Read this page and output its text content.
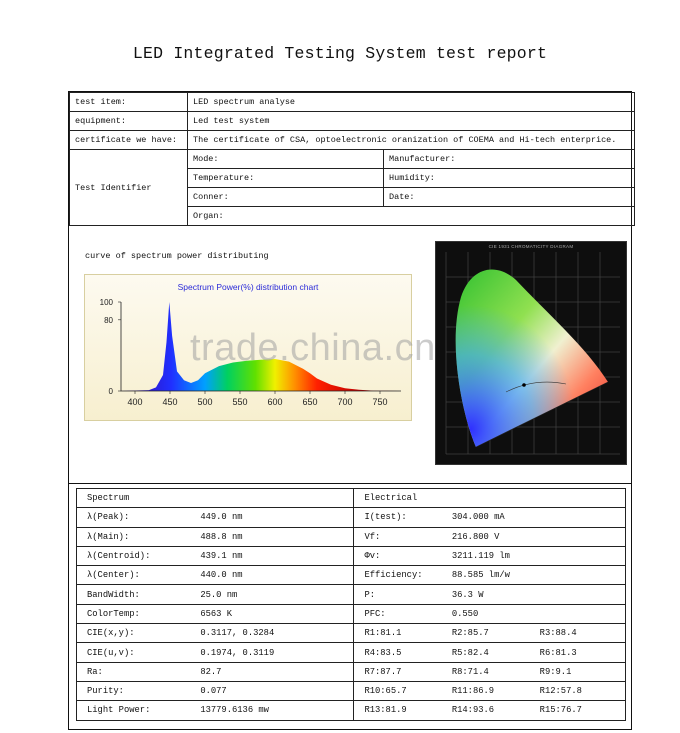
LED Integrated Testing System test report
test item:	LED spectrum analyse	
equipment:	Led test system	
certificate we have:	The certificate of CSA, optoelectronic oranization of COEMA and Hi-tech enterprice.	
Test Identifier	Mode:	Manufacturer:
	Temperature:	Humidity:
	Conner:	Date:
	Organ:	
curve of spectrum power distributing
Spectrum Power(%) distribution chart
400 450 500 550 600 650 700 750
0
80
100
CIE 1931 CHROMATICITY DIAGRAM
Spectrum		Electrical		
λ(Peak):	449.0 nm	I(test):	304.000 mA	
λ(Main):	488.8 nm	Vf:	216.800 V	
λ(Centroid):	439.1 nm	Φv:	3211.119 lm	
λ(Center):	440.0 nm	Efficiency:	88.585 lm/w	
BandWidth:	25.0 nm	P:	36.3 W	
ColorTemp:	6563 K	PFC:	0.550	
CIE(x,y):	0.3117, 0.3284	R1:81.1	R2:85.7	R3:88.4
CIE(u,v):	0.1974, 0.3119	R4:83.5	R5:82.4	R6:81.3
Ra:	82.7	R7:87.7	R8:71.4	R9:9.1
Purity:	0.077	R10:65.7	R11:86.9	R12:57.8
Light Power:	13779.6136 mw	R13:81.9	R14:93.6	R15:76.7
trade.china.cn
